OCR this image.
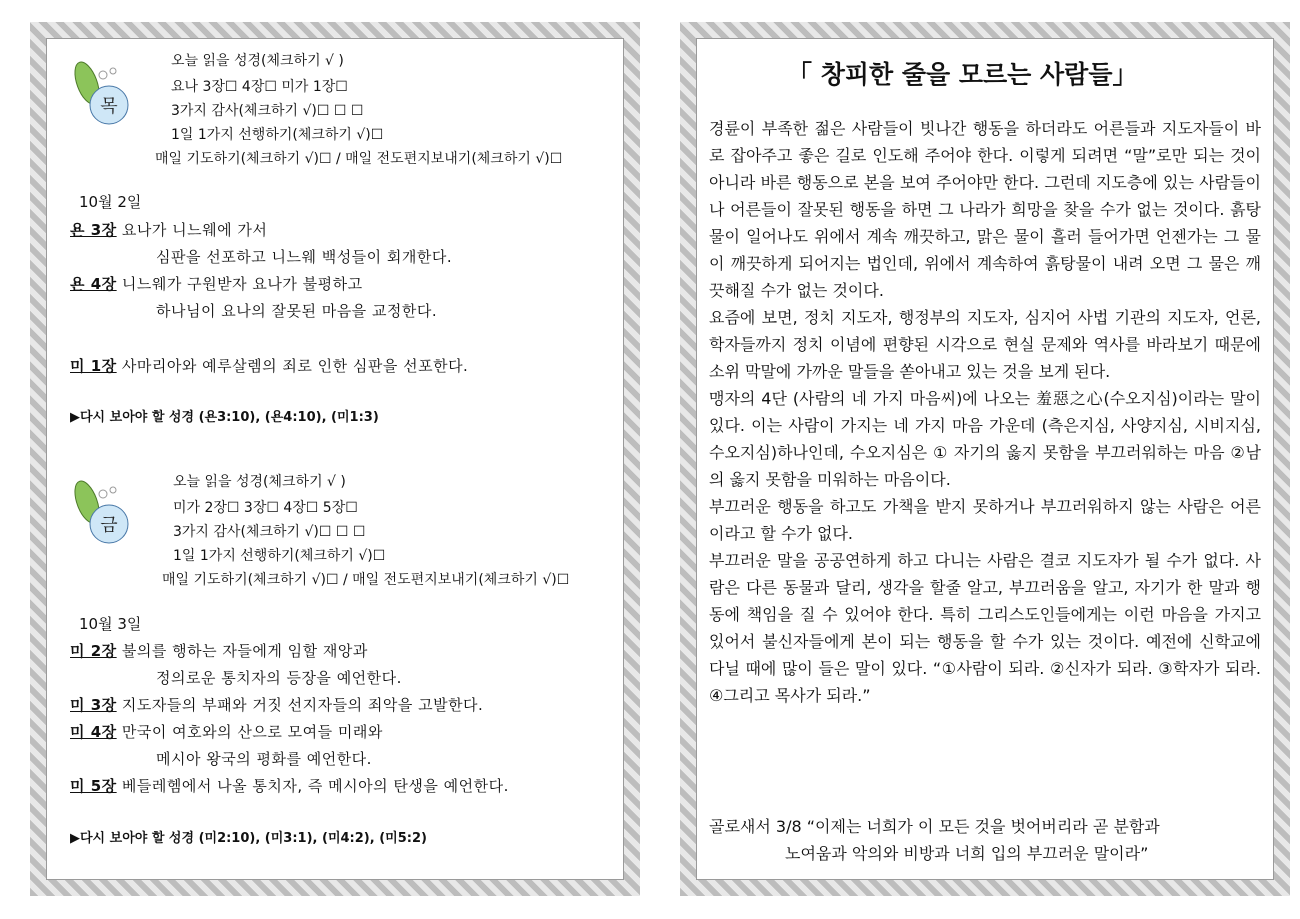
목
오늘 읽을 성경(체크하기 √ )
요나 3장☐ 4장☐ 미가 1장☐
3가지 감사(체크하기 √)☐ ☐ ☐
1일 1가지 선행하기(체크하기 √)☐
매일 기도하기(체크하기 √)☐ / 매일 전도편지보내기(체크하기 √)☐
10월 2일
욘 3장 요나가 니느웨에 가서
심판을 선포하고 니느웨 백성들이 회개한다.
욘 4장 니느웨가 구원받자 요나가 불평하고
하나님이 요나의 잘못된 마음을 교정한다.
미 1장 사마리아와 예루살렘의 죄로 인한 심판을 선포한다.
▶다시 보아야 할 성경 (욘3:10), (욘4:10), (미1:3)
금
오늘 읽을 성경(체크하기 √ )
미가 2장☐ 3장☐ 4장☐ 5장☐
3가지 감사(체크하기 √)☐ ☐ ☐
1일 1가지 선행하기(체크하기 √)☐
매일 기도하기(체크하기 √)☐ / 매일 전도편지보내기(체크하기 √)☐
10월 3일
미 2장 불의를 행하는 자들에게 임할 재앙과
정의로운 통치자의 등장을 예언한다.
미 3장 지도자들의 부패와 거짓 선지자들의 죄악을 고발한다.
미 4장 만국이 여호와의 산으로 모여들 미래와
메시아 왕국의 평화를 예언한다.
미 5장 베들레헴에서 나올 통치자, 즉 메시아의 탄생을 예언한다.
▶다시 보아야 할 성경 (미2:10), (미3:1), (미4:2), (미5:2)
「 창피한 줄을 모르는 사람들」

경륜이 부족한 젊은 사람들이 빗나간 행동을 하더라도 어른들과 지도자들이 바로 잡아주고 좋은 길로 인도해 주어야 한다. 이렇게 되려면 “말”로만 되는 것이 아니라 바른 행동으로 본을 보여 주어야만 한다. 그런데 지도층에 있는 사람들이나 어른들이 잘못된 행동을 하면 그 나라가 희망을 찾을 수가 없는 것이다. 흙탕물이 일어나도 위에서 계속 깨끗하고, 맑은 물이 흘러 들어가면 언젠가는 그 물이 깨끗하게 되어지는 법인데, 위에서 계속하여 흙탕물이 내려 오면 그 물은 깨끗해질 수가 없는 것이다.

요즘에 보면, 정치 지도자, 행정부의 지도자, 심지어 사법 기관의 지도자, 언론, 학자들까지 정치 이념에 편향된 시각으로 현실 문제와 역사를 바라보기 때문에 소위 막말에 가까운 말들을 쏟아내고 있는 것을 보게 된다.

맹자의 4단 (사람의 네 가지 마음씨)에 나오는 羞惡之心(수오지심)이라는 말이 있다. 이는 사람이 가지는 네 가지 마음 가운데 (측은지심, 사양지심, 시비지심, 수오지심)하나인데, 수오지심은 ① 자기의 옳지 못함을 부끄러워하는 마음 ②남의 옳지 못함을 미워하는 마음이다.

부끄러운 행동을 하고도 가책을 받지 못하거나 부끄러워하지 않는 사람은 어른이라고 할 수가 없다.

부끄러운 말을 공공연하게 하고 다니는 사람은 결코 지도자가 될 수가 없다. 사람은 다른 동물과 달리, 생각을 할줄 알고, 부끄러움을 알고, 자기가 한 말과 행동에 책임을 질 수 있어야 한다. 특히 그리스도인들에게는 이런 마음을 가지고 있어서 불신자들에게 본이 되는 행동을 할 수가 있는 것이다. 예전에 신학교에 다닐 때에 많이 들은 말이 있다. “①사람이 되라. ②신자가 되라. ③학자가 되라. ④그리고 목사가 되라.”

골로새서 3/8 “이제는 너희가 이 모든 것을 벗어버리라 곧 분함과
노여움과 악의와 비방과 너희 입의 부끄러운 말이라”
